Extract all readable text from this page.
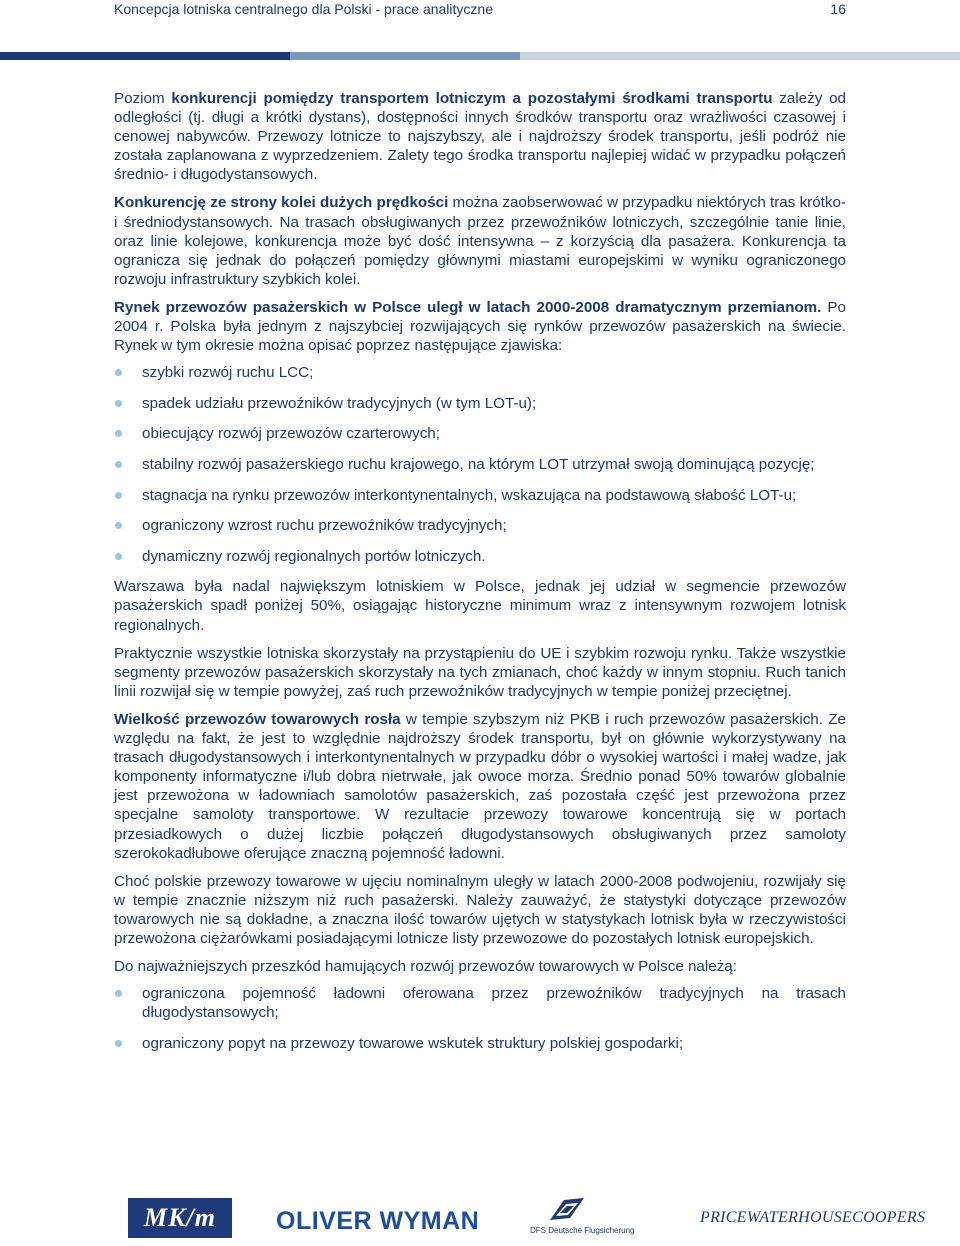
Koncepcja lotniska centralnego dla Polski - prace analityczne	16

Poziom konkurencji pomiędzy transportem lotniczym a pozostałymi środkami transportu zależy od odległości (tj. długi a krótki dystans), dostępności innych środków transportu oraz wrażliwości czasowej i cenowej nabywców. Przewozy lotnicze to najszybszy, ale i najdroższy środek transportu, jeśli podróż nie została zaplanowana z wyprzedzeniem. Zalety tego środka transportu najlepiej widać w przypadku połączeń średnio- i długodystansowych.

Konkurencję ze strony kolei dużych prędkości można zaobserwować w przypadku niektórych tras krótko- i średniodystansowych. Na trasach obsługiwanych przez przewoźników lotniczych, szczególnie tanie linie, oraz linie kolejowe, konkurencja może być dość intensywna – z korzyścią dla pasażera. Konkurencja ta ogranicza się jednak do połączeń pomiędzy głównymi miastami europejskimi w wyniku ograniczonego rozwoju infrastruktury szybkich kolei.

Rynek przewozów pasażerskich w Polsce uległ w latach 2000-2008 dramatycznym przemianom. Po 2004 r. Polska była jednym z najszybciej rozwijających się rynków przewozów pasażerskich na świecie. Rynek w tym okresie można opisać poprzez następujące zjawiska:

szybki rozwój ruchu LCC;
spadek udziału przewoźników tradycyjnych (w tym LOT-u);
obiecujący rozwój przewozów czarterowych;
stabilny rozwój pasażerskiego ruchu krajowego, na którym LOT utrzymał swoją dominującą pozycję;
stagnacja na rynku przewozów interkontynentalnych, wskazująca na podstawową słabość LOT-u;
ograniczony wzrost ruchu przewoźników tradycyjnych;
dynamiczny rozwój regionalnych portów lotniczych.

Warszawa była nadal największym lotniskiem w Polsce, jednak jej udział w segmencie przewozów pasażerskich spadł poniżej 50%, osiągając historyczne minimum wraz z intensywnym rozwojem lotnisk regionalnych.

Praktycznie wszystkie lotniska skorzystały na przystąpieniu do UE i szybkim rozwoju rynku. Także wszystkie segmenty przewozów pasażerskich skorzystały na tych zmianach, choć każdy w innym stopniu. Ruch tanich linii rozwijał się w tempie powyżej, zaś ruch przewoźników tradycyjnych w tempie poniżej przeciętnej.

Wielkość przewozów towarowych rosła w tempie szybszym niż PKB i ruch przewozów pasażerskich. Ze względu na fakt, że jest to względnie najdroższy środek transportu, był on głównie wykorzystywany na trasach długodystansowych i interkontynentalnych w przypadku dóbr o wysokiej wartości i małej wadze, jak komponenty informatyczne i/lub dobra nietrwałe, jak owoce morza. Średnio ponad 50% towarów globalnie jest przewożona w ładowniach samolotów pasażerskich, zaś pozostała część jest przewożona przez specjalne samoloty transportowe. W rezultacie przewozy towarowe koncentrują się w portach przesiadkowych o dużej liczbie połączeń długodystansowych obsługiwanych przez samoloty szerokokadłubowe oferujące znaczną pojemność ładowni.

Choć polskie przewozy towarowe w ujęciu nominalnym uległy w latach 2000-2008 podwojeniu, rozwijały się w tempie znacznie niższym niż ruch pasażerski. Należy zauważyć, że statystyki dotyczące przewozów towarowych nie są dokładne, a znaczna ilość towarów ujętych w statystykach lotnisk była w rzeczywistości przewożona ciężarówkami posiadającymi lotnicze listy przewozowe do pozostałych lotnisk europejskich.

Do najważniejszych przeszkód hamujących rozwój przewozów towarowych w Polsce należą:

ograniczona pojemność ładowni oferowana przez przewoźników tradycyjnych na trasach długodystansowych;
ograniczony popyt na przewozy towarowe wskutek struktury polskiej gospodarki;
MK/m	OLIVER WYMAN	DFS Deutsche Flugsicherung
PRICEWATERHOUSECOOPERS
